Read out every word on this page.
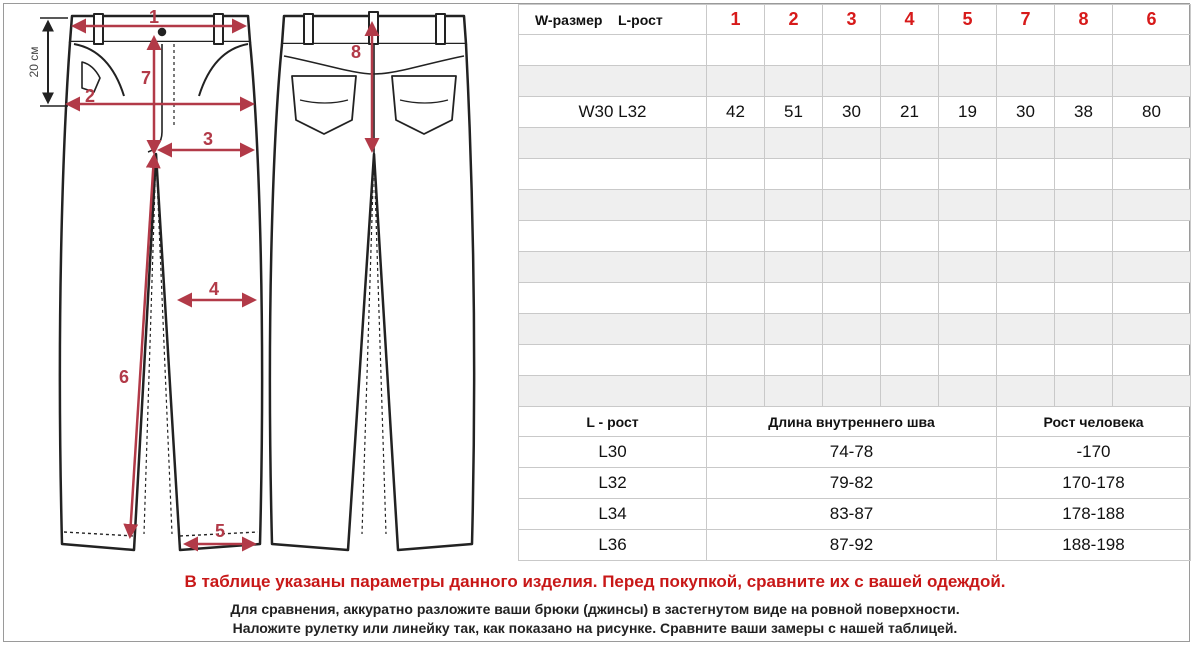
20 см
1
2
3
4
5
6
7
8
W-размер    L-рост	1	2	3	4	5	7	8	6

W30 L32	42	51	30	21	19	30	38	80

L - рост	Длина внутреннего шва					Рост человека		
L30	74-78					-170		
L32	79-82					170-178		
L34	83-87					178-188		
L36	87-92					188-198		
В таблице указаны параметры данного изделия. Перед покупкой, сравните их с вашей одеждой.
Для сравнения, аккуратно разложите ваши брюки (джинсы) в застегнутом виде на ровной поверхности.
Наложите рулетку или линейку так, как показано на рисунке. Сравните ваши замеры с нашей таблицей.
